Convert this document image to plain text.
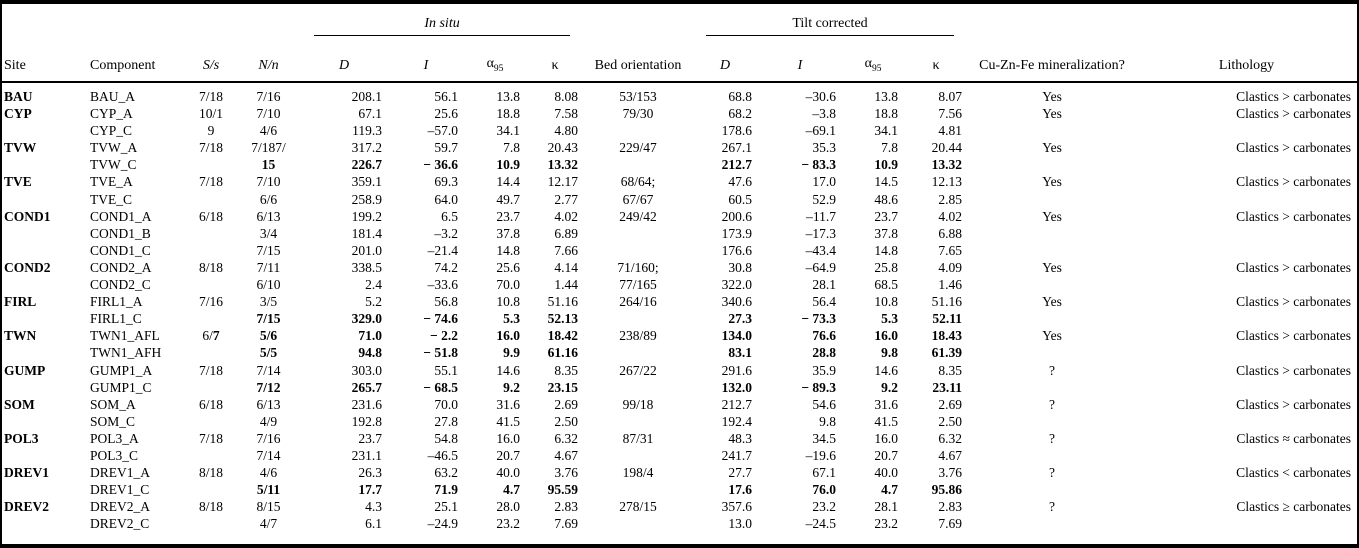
				In situ					Tilt corrected					

Site	Component	S/s	N/n	D	I	$\alpha_{95}$	κ	Bed orientation	D	I	$\alpha_{95}$	κ	Cu-Zn-Fe mineralization?	Lithology
BAU	BAU_A	7/18	7/16	208.1	56.1	13.8	8.08	53/153	68.8	–30.6	13.8	8.07	Yes	Clastics > carbonates
CYP	CYP_A	10/1	7/10	67.1	25.6	18.8	7.58	79/30	68.2	–3.8	18.8	7.56	Yes	Clastics > carbonates
	CYP_C	9	4/6	119.3	–57.0	34.1	4.80		178.6	–69.1	34.1	4.81		
TVW	TVW_A	7/18	7/187/	317.2	59.7	7.8	20.43	229/47	267.1	35.3	7.8	20.44	Yes	Clastics > carbonates
	TVW_C		15	226.7	− 36.6	10.9	13.32		212.7	− 83.3	10.9	13.32		
TVE	TVE_A	7/18	7/10	359.1	69.3	14.4	12.17	68/64;	47.6	17.0	14.5	12.13	Yes	Clastics > carbonates
	TVE_C		6/6	258.9	64.0	49.7	2.77	67/67	60.5	52.9	48.6	2.85		
COND1	COND1_A	6/18	6/13	199.2	6.5	23.7	4.02	249/42	200.6	–11.7	23.7	4.02	Yes	Clastics > carbonates
	COND1_B		3/4	181.4	–3.2	37.8	6.89		173.9	–17.3	37.8	6.88		
	COND1_C		7/15	201.0	–21.4	14.8	7.66		176.6	–43.4	14.8	7.65		
COND2	COND2_A	8/18	7/11	338.5	74.2	25.6	4.14	71/160;	30.8	–64.9	25.8	4.09	Yes	Clastics > carbonates
	COND2_C		6/10	2.4	–33.6	70.0	1.44	77/165	322.0	28.1	68.5	1.46		
FIRL	FIRL1_A	7/16	3/5	5.2	56.8	10.8	51.16	264/16	340.6	56.4	10.8	51.16	Yes	Clastics > carbonates
	FIRL1_C		7/15	329.0	− 74.6	5.3	52.13		27.3	− 73.3	5.3	52.11		
TWN	TWN1_AFL	6/7	5/6	71.0	− 2.2	16.0	18.42	238/89	134.0	76.6	16.0	18.43	Yes	Clastics > carbonates
	TWN1_AFH		5/5	94.8	− 51.8	9.9	61.16		83.1	28.8	9.8	61.39		
GUMP	GUMP1_A	7/18	7/14	303.0	55.1	14.6	8.35	267/22	291.6	35.9	14.6	8.35	?	Clastics > carbonates
	GUMP1_C		7/12	265.7	− 68.5	9.2	23.15		132.0	− 89.3	9.2	23.11		
SOM	SOM_A	6/18	6/13	231.6	70.0	31.6	2.69	99/18	212.7	54.6	31.6	2.69	?	Clastics > carbonates
	SOM_C		4/9	192.8	27.8	41.5	2.50		192.4	9.8	41.5	2.50		
POL3	POL3_A	7/18	7/16	23.7	54.8	16.0	6.32	87/31	48.3	34.5	16.0	6.32	?	Clastics ≈ carbonates
	POL3_C		7/14	231.1	–46.5	20.7	4.67		241.7	–19.6	20.7	4.67		
DREV1	DREV1_A	8/18	4/6	26.3	63.2	40.0	3.76	198/4	27.7	67.1	40.0	3.76	?	Clastics < carbonates
	DREV1_C		5/11	17.7	71.9	4.7	95.59		17.6	76.0	4.7	95.86		
DREV2	DREV2_A	8/18	8/15	4.3	25.1	28.0	2.83	278/15	357.6	23.2	28.1	2.83	?	Clastics ≥ carbonates
	DREV2_C		4/7	6.1	–24.9	23.2	7.69		13.0	–24.5	23.2	7.69		
